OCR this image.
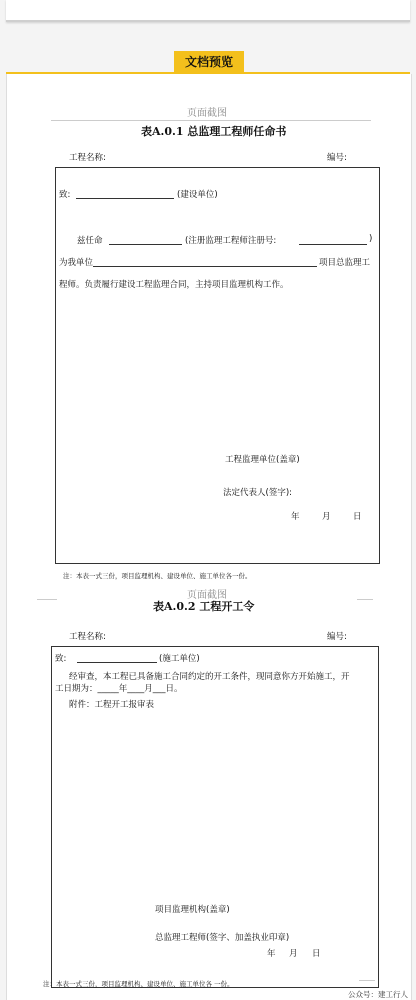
文档预览
页面截图
表A.0.1 总监理工程师任命书
工程名称:	编号:
致:	(建设单位)
兹任命	(注册监理工程师注册号:	)
为我单位	项目总监理工
程师。负责履行建设工程监理合同，主持项目监理机构工作。
工程监理单位(盖章)
法定代表人(签字):
年	月	日
注：本表一式三份，项目监理机构、建设单位、施工单位各一份。
页面截图
表A.0.2 工程开工令
工程名称:	编号:
致:	(施工单位)
经审查，本工程已具备施工合同约定的开工条件，现同意你方开始施工，开
工日期为：_____年____月___日。
附件：工程开工报审表
项目监理机构(盖章)
总监理工程师(签字、加盖执业印章)
年 月 日
注：本表一式三份，项目监理机构、建设单位、施工单位各 一份。
公众号：建工行人
